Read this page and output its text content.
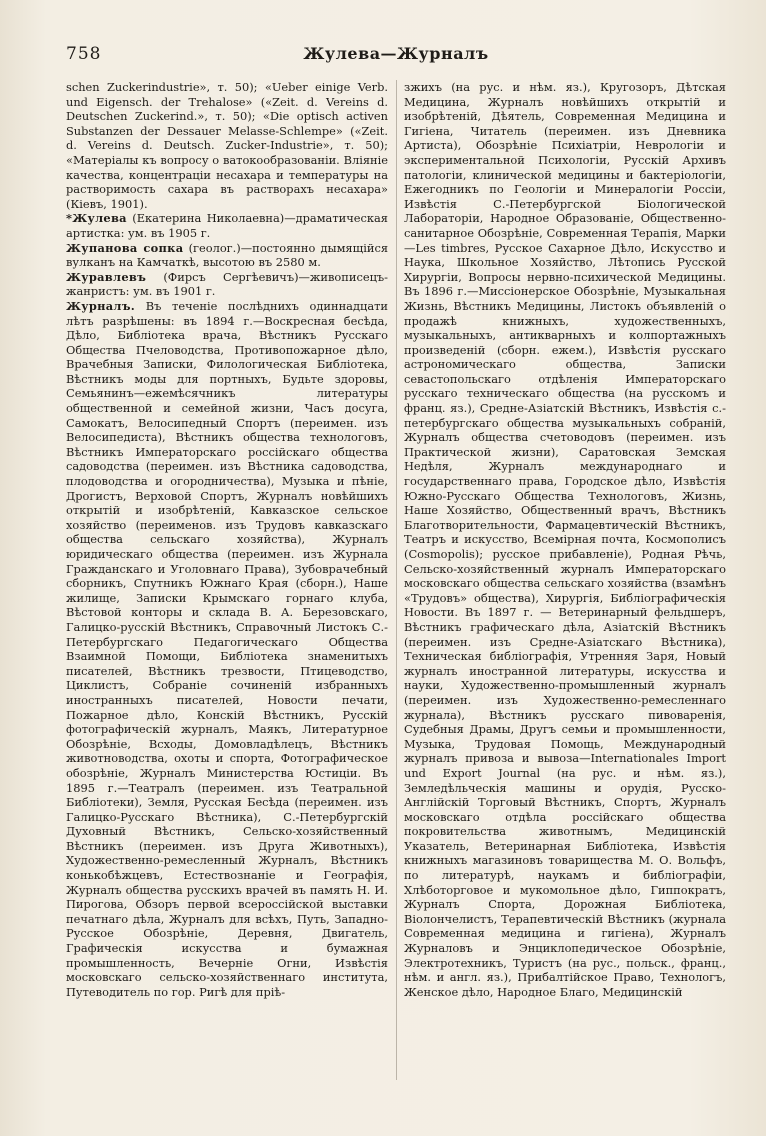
758	Жулева—Журналъ

schen Zuckerindustrie», т. 50); «Ueber einige Verb. und Eigensch. der Trehalose» («Zeit. d. Vereins d. Deutschen Zuckerind.», т. 50); «Die optisch activen Substanzen der Dessauer Melasse-Schlempe» («Zeit. d. Vereins d. Deutsch. Zucker-Industrie», т. 50); «Матеріалы къ вопросу о ватокообразованіи. Вліяніе качества, концентраціи несахара и температуры на растворимость сахара въ растворахъ несахара» (Кіевъ, 1901).

*Жулева (Екатерина Николаевна)—драматическая артистка: ум. въ 1905 г.

Жупанова сопка (геолог.)—постоянно дымящійся вулканъ на Камчаткѣ, высотою въ 2580 м.

Журавлевъ (Фирсъ Сергѣевичъ)—живописецъ-жанристъ: ум. въ 1901 г.

Журналъ. Въ теченіе послѣднихъ одиннадцати лѣтъ разрѣшены: въ 1894 г.—Воскресная бесѣда, Дѣло, Библіотека врача, Вѣстникъ Русскаго Общества Пчеловодства, Противопожарное дѣло, Врачебныя Записки, Филологическая Библіотека, Вѣстникъ моды для портныхъ, Будьте здоровы, Семьянинъ—ежемѣсячникъ литературы общественной и семейной жизни, Часъ досуга, Самокатъ, Велосипедный Спортъ (переимен. изъ Велосипедиста), Вѣстникъ общества технологовъ, Вѣстникъ Императорскаго россійскаго общества садоводства (переимен. изъ Вѣстника садоводства, плодоводства и огородничества), Музыка и пѣніе, Дрогистъ, Верховой Спортъ, Журналъ новѣйшихъ открытій и изобрѣтеній, Кавказское сельское хозяйство (переименов. изъ Трудовъ кавказскаго общества сельскаго хозяйства), Журналъ юридическаго общества (переимен. изъ Журнала Гражданскаго и Уголовнаго Права), Зубоврачебный сборникъ, Спутникъ Южнаго Края (сборн.), Наше жилище, Записки Крымскаго горнаго клуба, Вѣстовой конторы и склада В. А. Березовскаго, Галицко-русскій Вѣстникъ, Справочный Листокъ С.-Петербургскаго Педагогическаго Общества Взаимной Помощи, Библіотека знаменитыхъ писателей, Вѣстникъ трезвости, Птицеводство, Циклистъ, Собраніе сочиненій избранныхъ иностранныхъ писателей, Новости печати, Пожарное дѣло, Конскій Вѣстникъ, Русскій фотографическій журналъ, Маякъ, Литературное Обозрѣніе, Всходы, Домовладѣлецъ, Вѣстникъ животноводства, охоты и спорта, Фотографическое обозрѣніе, Журналъ Министерства Юстиціи. Въ 1895 г.—Театралъ (переимен. изъ Театральной Библіотеки), Земля, Русская Бесѣда (переимен. изъ Галицко-Русскаго Вѣстника), С.-Петербургскій Духовный Вѣстникъ, Сельско-хозяйственный Вѣстникъ (переимен. изъ Друга Животныхъ), Художественно-ремесленный Журналъ, Вѣстникъ конькобѣжцевъ, Естествознаніе и Географія, Журналъ общества русскихъ врачей въ память Н. И. Пирогова, Обзоръ первой всероссійской выставки печатнаго дѣла, Журналъ для всѣхъ, Путь, Западно-Русское Обозрѣніе, Деревня, Двигатель, Графическія искусства и бумажная промышленность, Вечерніе Огни, Извѣстія московскаго сельско-хозяйственнаго института, Путеводитель по гор. Ригѣ для пріѣ-

зжихъ (на рус. и нѣм. яз.), Кругозоръ, Дѣтская Медицина, Журналъ новѣйшихъ открытій и изобрѣтеній, Дѣятель, Современная Медицина и Гигіена, Читатель (переимен. изъ Дневника Артиста), Обозрѣніе Психіатріи, Неврологіи и экспериментальной Психологіи, Русскій Архивъ патологіи, клинической медицины и бактеріологіи, Ежегодникъ по Геологіи и Минералогіи Россіи, Извѣстія С.-Петербургской Біологической Лабораторіи, Народное Образованіе, Общественно-санитарное Обозрѣніе, Современная Терапія, Марки—Les timbres, Русское Сахарное Дѣло, Искусство и Наука, Школьное Хозяйство, Лѣтопись Русской Хирургіи, Вопросы нервно-психической Медицины. Въ 1896 г.—Миссіонерское Обозрѣніе, Музыкальная Жизнь, Вѣстникъ Медицины, Листокъ объявленій о продажѣ книжныхъ, художественныхъ, музыкальныхъ, антикварныхъ и колпортажныхъ произведеній (сборн. ежем.), Извѣстія русскаго астрономическаго общества, Записки севастопольскаго отдѣленія Императорскаго русскаго техническаго общества (на русскомъ и франц. яз.), Средне-Азіатскій Вѣстникъ, Извѣстія с.-петербургскаго общества музыкальныхъ собраній, Журналъ общества счетоводовъ (переимен. изъ Практической жизни), Саратовская Земская Недѣля, Журналъ международнаго и государственнаго права, Городское дѣло, Извѣстія Южно-Русскаго Общества Технологовъ, Жизнь, Наше Хозяйство, Общественный врачъ, Вѣстникъ Благотворительности, Фармацевтическій Вѣстникъ, Театръ и искусство, Всемірная почта, Космополисъ (Cosmopolis); русское прибавленіе), Родная Рѣчь, Сельско-хозяйственный журналъ Императорскаго московскаго общества сельскаго хозяйства (взамѣнъ «Трудовъ» общества), Хирургія, Библіографическія Новости. Въ 1897 г. — Ветеринарный фельдшеръ, Вѣстникъ графическаго дѣла, Азіатскій Вѣстникъ (переимен. изъ Средне-Азіатскаго Вѣстника), Техническая библіографія, Утренняя Заря, Новый журналъ иностранной литературы, искусства и науки, Художественно-промышленный журналъ (переимен. изъ Художественно-ремесленнаго журнала), Вѣстникъ русскаго пивоваренія, Судебныя Драмы, Другъ семьи и промышленности, Музыка, Трудовая Помощь, Международный журналъ привоза и вывоза—Internationales Import und Export Journal (на рус. и нѣм. яз.), Земледѣльческія машины и орудія, Русско-Англійскій Торговый Вѣстникъ, Спортъ, Журналъ московскаго отдѣла россійскаго общества покровительства животнымъ, Медицинскій Указатель, Ветеринарная Библіотека, Извѣстія книжныхъ магазиновъ товарищества М. О. Вольфъ, по литературѣ, наукамъ и библіографіи, Хлѣботорговое и мукомольное дѣло, Гиппократъ, Журналъ Спорта, Дорожная Библіотека, Віолончелистъ, Терапевтическій Вѣстникъ (журнала Современная медицина и гигіена), Журналъ Журналовъ и Энциклопедическое Обозрѣніе, Электротехникъ, Туристъ (на рус., польск., франц., нѣм. и англ. яз.), Прибалтійское Право, Технологъ, Женское дѣло, Народное Благо, Медицинскій
